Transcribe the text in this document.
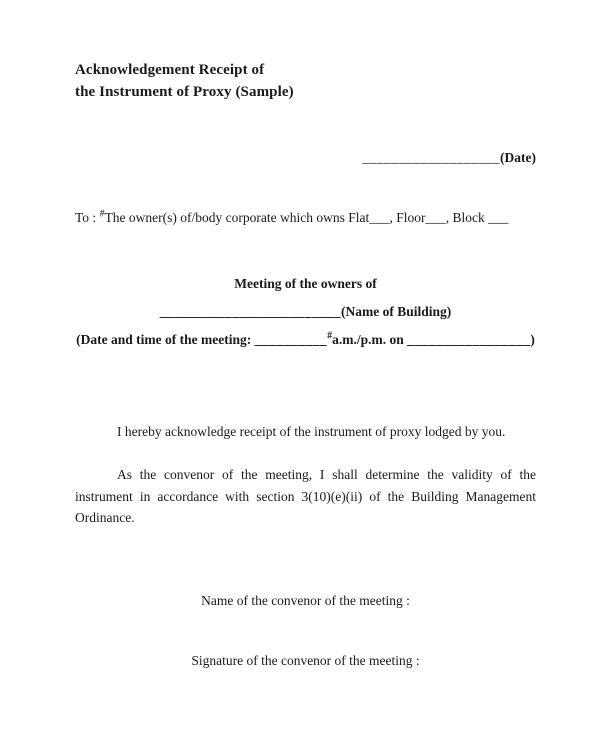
Acknowledgement Receipt of
the Instrument of Proxy (Sample)
___________________(Date)
To : #The owner(s) of/body corporate which owns Flat___, Floor___, Block ___
Meeting of the owners of
_________________________(Name of Building)
(Date and time of the meeting: __________#a.m./p.m. on _________________)

I hereby acknowledge receipt of the instrument of proxy lodged by you.

As the convenor of the meeting, I shall determine the validity of the instrument in accordance with section 3(10)(e)(ii) of the Building Management Ordinance.

Name of the convenor of the meeting :
Signature of the convenor of the meeting :
